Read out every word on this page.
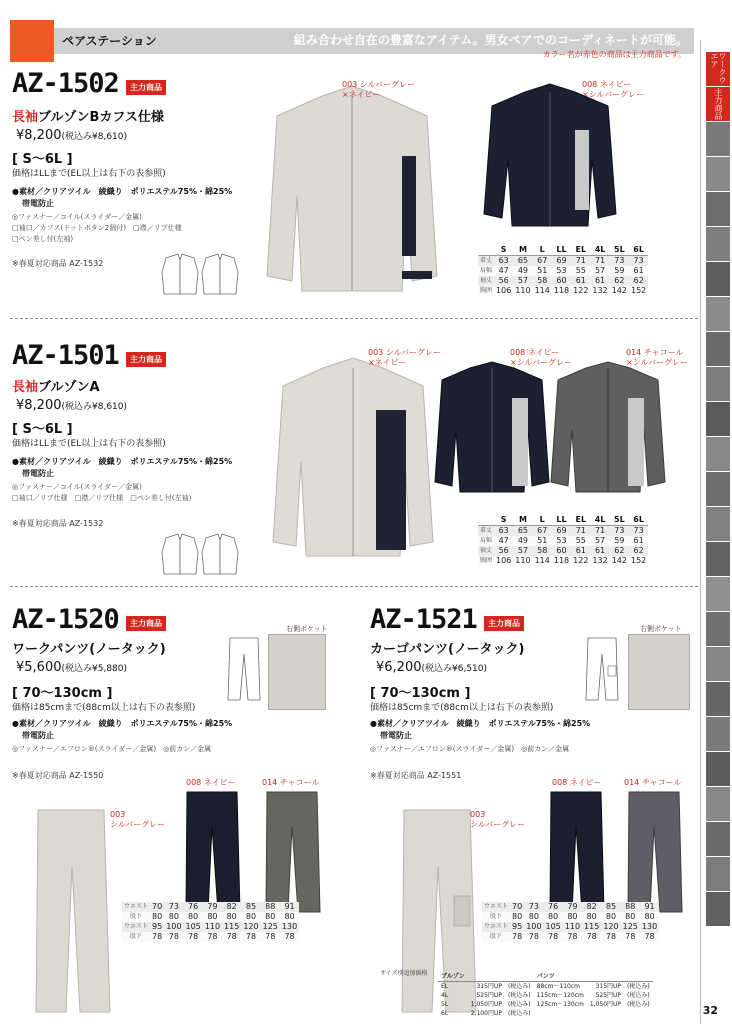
ペアステーション	組み合わせ自在の豊富なアイテム。男女ペアでのコーディネートが可能。
カラー名が赤色の商品は主力商品です。	ワークウエア
主力商品
AZ-1502	主力商品
長袖ブルゾンBカフス仕様
¥8,200(税込み¥8,610)
[ S～6L ]
価格はLLまで(EL以上は右下の表参照)
●素材／クリアツイル　綾織り　ポリエステル75%・綿25%
帯電防止
◎ファスナー／コイル(スライダー／金属)
□袖口／カフス(ドットボタン2個付)　□襟／リブ仕様
□ペン差し付(左袖)
※春夏対応商品 AZ-1532
003 シルバーグレー
×ネイビー
008 ネイビー
×シルバーグレー
	S	M	L	LL	EL	4L	5L	6L
着丈	63	65	67	69	71	71	73	73
肩幅	47	49	51	53	55	57	59	61
袖丈	56	57	58	60	61	61	62	62
胸囲	106	110	114	118	122	132	142	152
AZ-1501	主力商品
長袖ブルゾンA
¥8,200(税込み¥8,610)
[ S～6L ]
価格はLLまで(EL以上は右下の表参照)
●素材／クリアツイル　綾織り　ポリエステル75%・綿25%
帯電防止
◎ファスナー／コイル(スライダー／金属)
□袖口／リブ仕様　□襟／リブ仕様　□ペン差し付(左袖)
※春夏対応商品 AZ-1532
003 シルバーグレー
×ネイビー
008 ネイビー
×シルバーグレー
014 チャコール
×シルバーグレー
	S	M	L	LL	EL	4L	5L	6L
着丈	63	65	67	69	71	71	73	73
肩幅	47	49	51	53	55	57	59	61
袖丈	56	57	58	60	61	61	62	62
胸囲	106	110	114	118	122	132	142	152
AZ-1520	主力商品
ワークパンツ(ノータック)
¥5,600(税込み¥5,880)
[ 70～130cm ]
価格は85cmまで(88cm以上は右下の表参照)
●素材／クリアツイル　綾織り　ポリエステル75%・綿25%
帯電防止
◎ファスナー／エフロン®(スライダー／金属)　◎前カン／金属
※春夏対応商品 AZ-1550
右側ポケット
003
シルバーグレー
008 ネイビー	014 チャコール
ウエスト	70	73	76	79	82	85	88	91
股下	80	80	80	80	80	80	80	80
ウエスト	95	100	105	110	115	120	125	130
股下	78	78	78	78	78	78	78	78
AZ-1521	主力商品
カーゴパンツ(ノータック)
¥6,200(税込み¥6,510)
[ 70～130cm ]
価格は85cmまで(88cm以上は右下の表参照)
●素材／クリアツイル　綾織り　ポリエステル75%・綿25%
帯電防止
◎ファスナー／エフロン®(スライダー／金属)　◎前カン／金属
※春夏対応商品 AZ-1551
右側ポケット
003
シルバーグレー
008 ネイビー	014 チャコール
ウエスト	70	73	76	79	82	85	88	91
股下	80	80	80	80	80	80	80	80
ウエスト	95	100	105	110	115	120	125	130
股下	78	78	78	78	78	78	78	78
サイズ別追加価格 ブルゾン			パンツ		
EL	315円UP	(税込み)	88cm～110cm	315円UP	(税込み)
4L	525円UP	(税込み)	115cm～120cm	525円UP	(税込み)
5L	1,050円UP	(税込み)	125cm～130cm	1,050円UP	(税込み)
6L	2,100円UP	(税込み)				32
